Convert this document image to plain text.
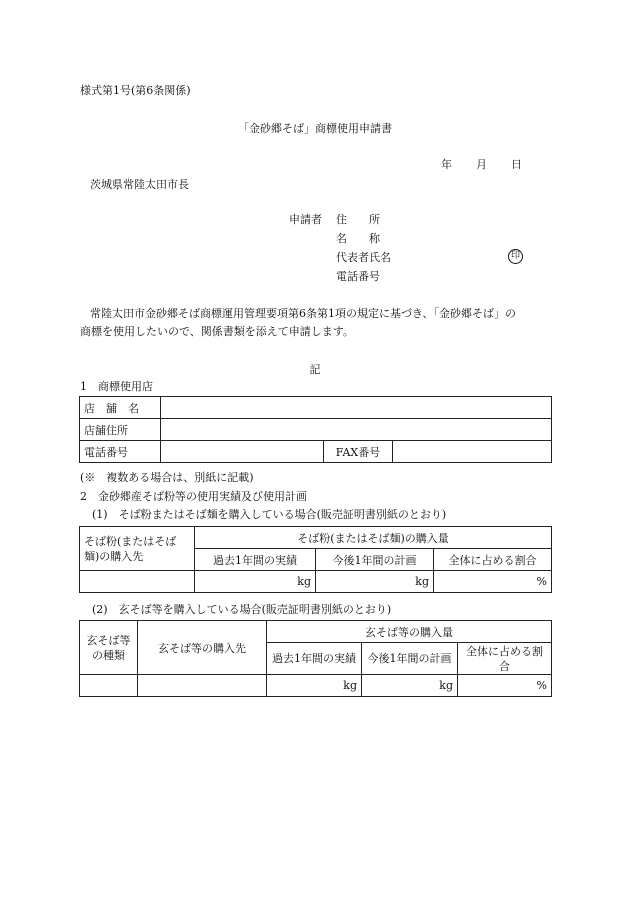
様式第1号(第6条関係)
「金砂郷そば」商標使用申請書
年 月 日
茨城県常陸太田市長
申請者 住　　所
名　　称
代表者氏名	印
電話番号
常陸太田市金砂郷そば商標運用管理要項第6条第1項の規定に基づき、「金砂郷そば」の
商標を使用したいので、関係書類を添えて申請します。
記
1　商標使用店
店　舗　名			
店舗住所			
電話番号		FAX番号	
(※　複数ある場合は、別紙に記載)
2　金砂郷産そば粉等の使用実績及び使用計画
(1)　そば粉またはそば麺を購入している場合(販売証明書別紙のとおり)
そば粉(またはそば麺)の購入先	そば粉(またはそば麺)の購入量		
	過去1年間の実績	今後1年間の計画	全体に占める割合
	kg	kg	%
(2)　玄そば等を購入している場合(販売証明書別紙のとおり)
玄そば等の種類	玄そば等の購入先	玄そば等の購入量		
		過去1年間の実績	今後1年間の計画	全体に占める割合
		kg	kg	%
